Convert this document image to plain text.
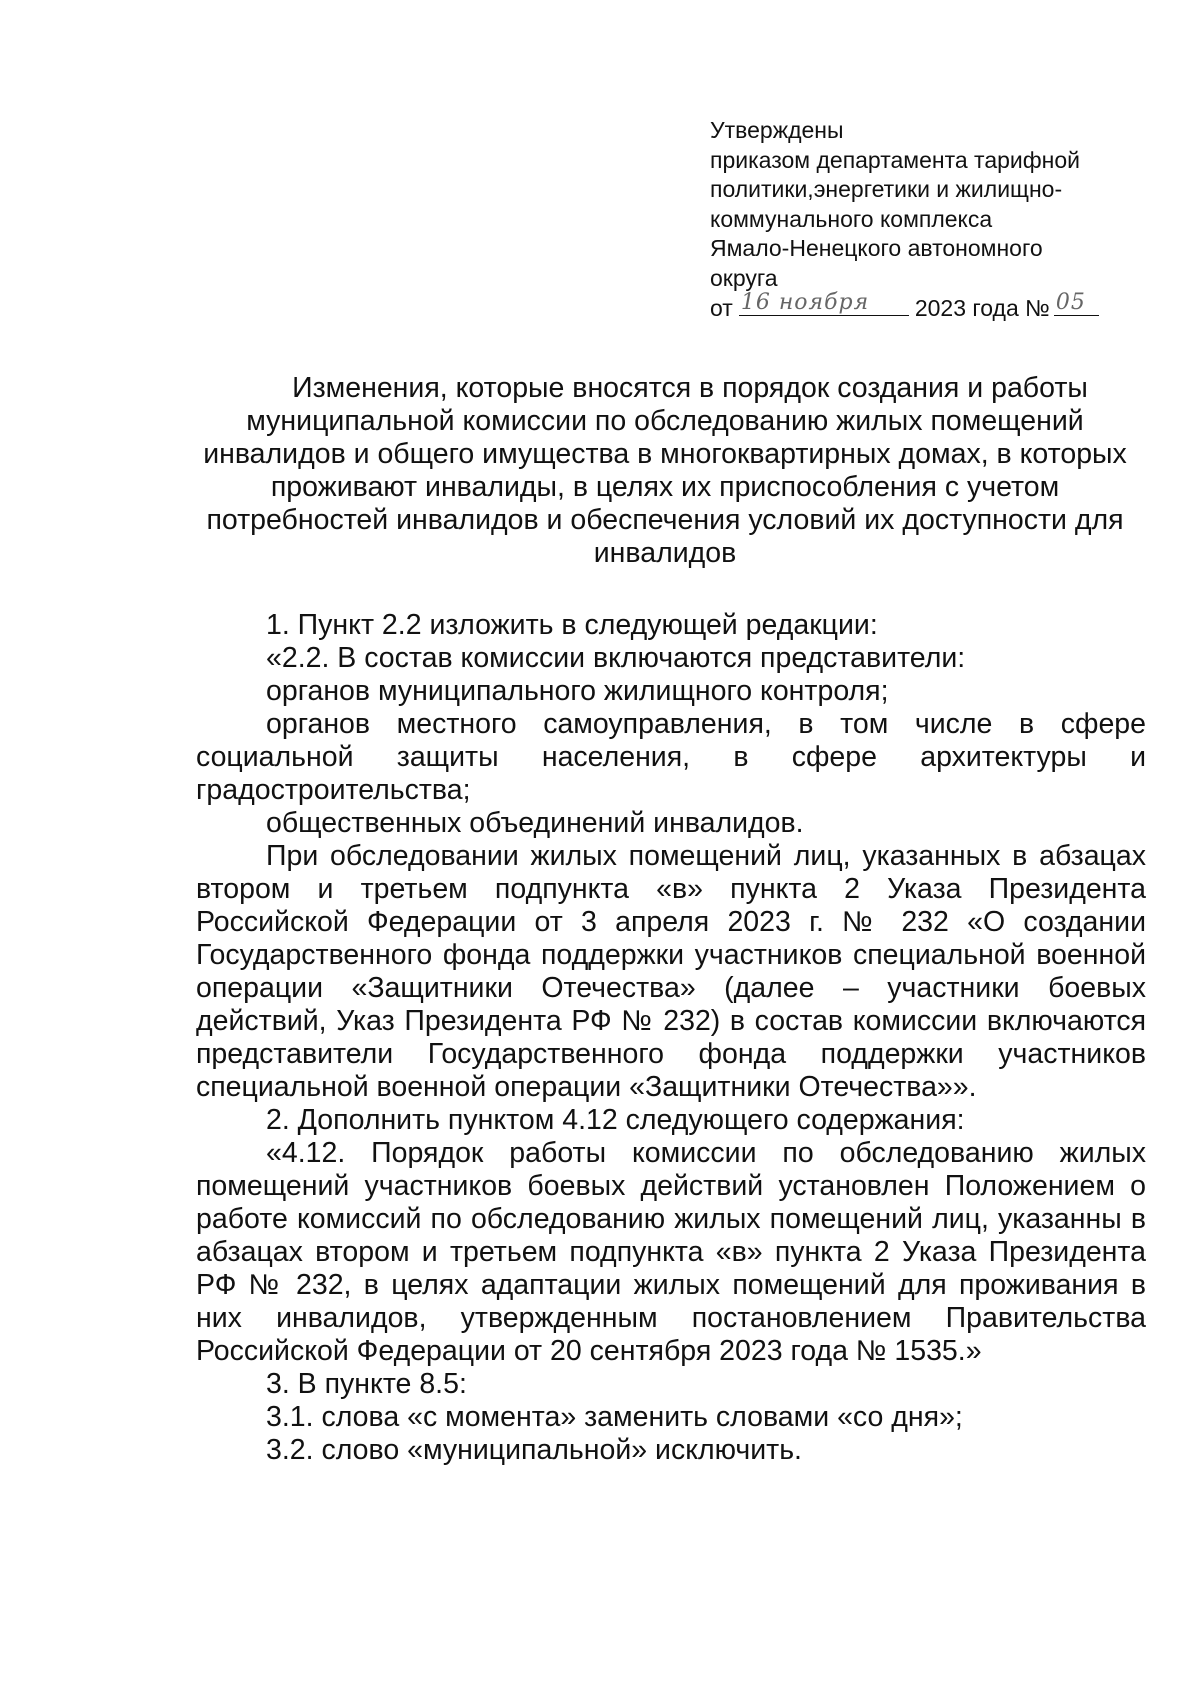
Утверждены
приказом департамента тарифной
политики,энергетики и жилищно-
коммунального комплекса
Ямало-Ненецкого автономного
округа
от 16 ноября 2023 года № 05
Изменения, которые вносятся в порядок создания и работы
муниципальной комиссии по обследованию жилых помещений
инвалидов и общего имущества в многоквартирных домах, в которых
проживают инвалиды, в целях их приспособления с учетом
потребностей инвалидов и обеспечения условий их доступности для
инвалидов

1. Пункт 2.2 изложить в следующей редакции:

«2.2. В состав комиссии включаются представители:

органов муниципального жилищного контроля;

органов местного самоуправления, в том числе в сфере
социальной защиты населения, в сфере архитектуры и
градостроительства;

общественных объединений инвалидов.

При обследовании жилых помещений лиц, указанных в абзацах
втором и третьем подпункта «в» пункта 2 Указа Президента
Российской Федерации от 3 апреля 2023 г. № 232 «О создании
Государственного фонда поддержки участников специальной военной
операции «Защитники Отечества» (далее – участники боевых
действий, Указ Президента РФ № 232) в состав комиссии включаются
представители Государственного фонда поддержки участников
специальной военной операции «Защитники Отечества»».

2. Дополнить пунктом 4.12 следующего содержания:

«4.12. Порядок работы комиссии по обследованию жилых
помещений участников боевых действий установлен Положением о
работе комиссий по обследованию жилых помещений лиц, указанны в
абзацах втором и третьем подпункта «в» пункта 2 Указа Президента
РФ № 232, в целях адаптации жилых помещений для проживания в
них инвалидов, утвержденным постановлением Правительства
Российской Федерации от 20 сентября 2023 года № 1535.»

3. В пункте 8.5:

3.1. слова «с момента» заменить словами «со дня»;

3.2. слово «муниципальной» исключить.
